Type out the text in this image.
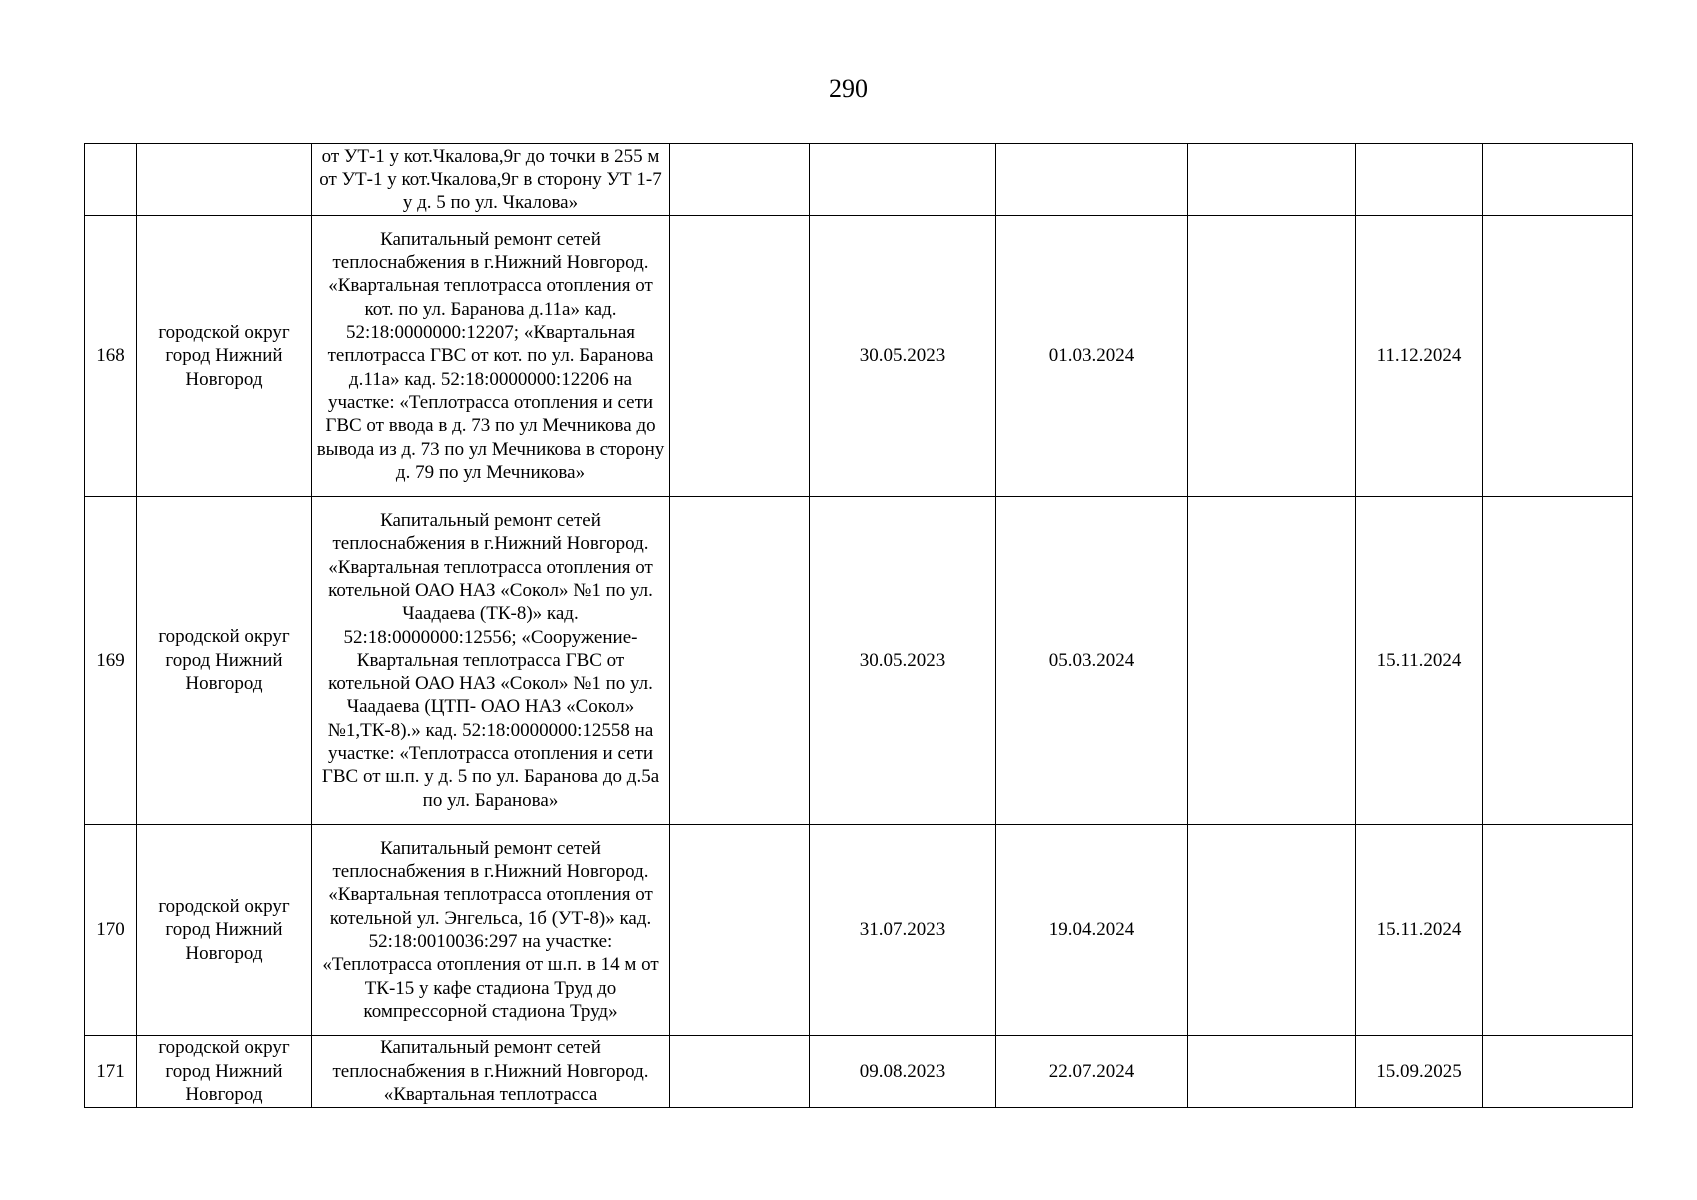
290
		от УТ-1 у кот.Чкалова,9г до точки в 255 м от УТ-1 у кот.Чкалова,9г в сторону УТ 1-7 у д. 5 по ул. Чкалова»						
168	городской округ город Нижний Новгород	Капитальный ремонт сетей теплоснабжения в г.Нижний Новгород. «Квартальная теплотрасса отопления от кот. по ул. Баранова д.11а» кад. 52:18:0000000:12207; «Квартальная теплотрасса ГВС от кот. по ул. Баранова д.11а» кад. 52:18:0000000:12206 на участке: «Теплотрасса отопления и сети ГВС от ввода в д. 73 по ул Мечникова до вывода из д. 73 по ул Мечникова в сторону д. 79 по ул Мечникова»		30.05.2023	01.03.2024		11.12.2024	
169	городской округ город Нижний Новгород	Капитальный ремонт сетей теплоснабжения в г.Нижний Новгород. «Квартальная теплотрасса отопления от котельной ОАО НАЗ «Сокол» №1 по ул. Чаадаева (ТК-8)» кад. 52:18:0000000:12556; «Сооружение-Квартальная теплотрасса ГВС от котельной ОАО НАЗ «Сокол» №1 по ул. Чаадаева (ЦТП- ОАО НАЗ «Сокол» №1,ТК-8).» кад. 52:18:0000000:12558 на участке: «Теплотрасса отопления и сети ГВС от ш.п. у д. 5 по ул. Баранова до д.5а по ул. Баранова»		30.05.2023	05.03.2024		15.11.2024	
170	городской округ город Нижний Новгород	Капитальный ремонт сетей теплоснабжения в г.Нижний Новгород. «Квартальная теплотрасса отопления от котельной ул. Энгельса, 1б (УТ-8)» кад. 52:18:0010036:297 на участке: «Теплотрасса отопления от ш.п. в 14 м от ТК-15 у кафе стадиона Труд до компрессорной стадиона Труд»		31.07.2023	19.04.2024		15.11.2024	
171	городской округ город Нижний Новгород	Капитальный ремонт сетей теплоснабжения в г.Нижний Новгород. «Квартальная теплотрасса		09.08.2023	22.07.2024		15.09.2025	
